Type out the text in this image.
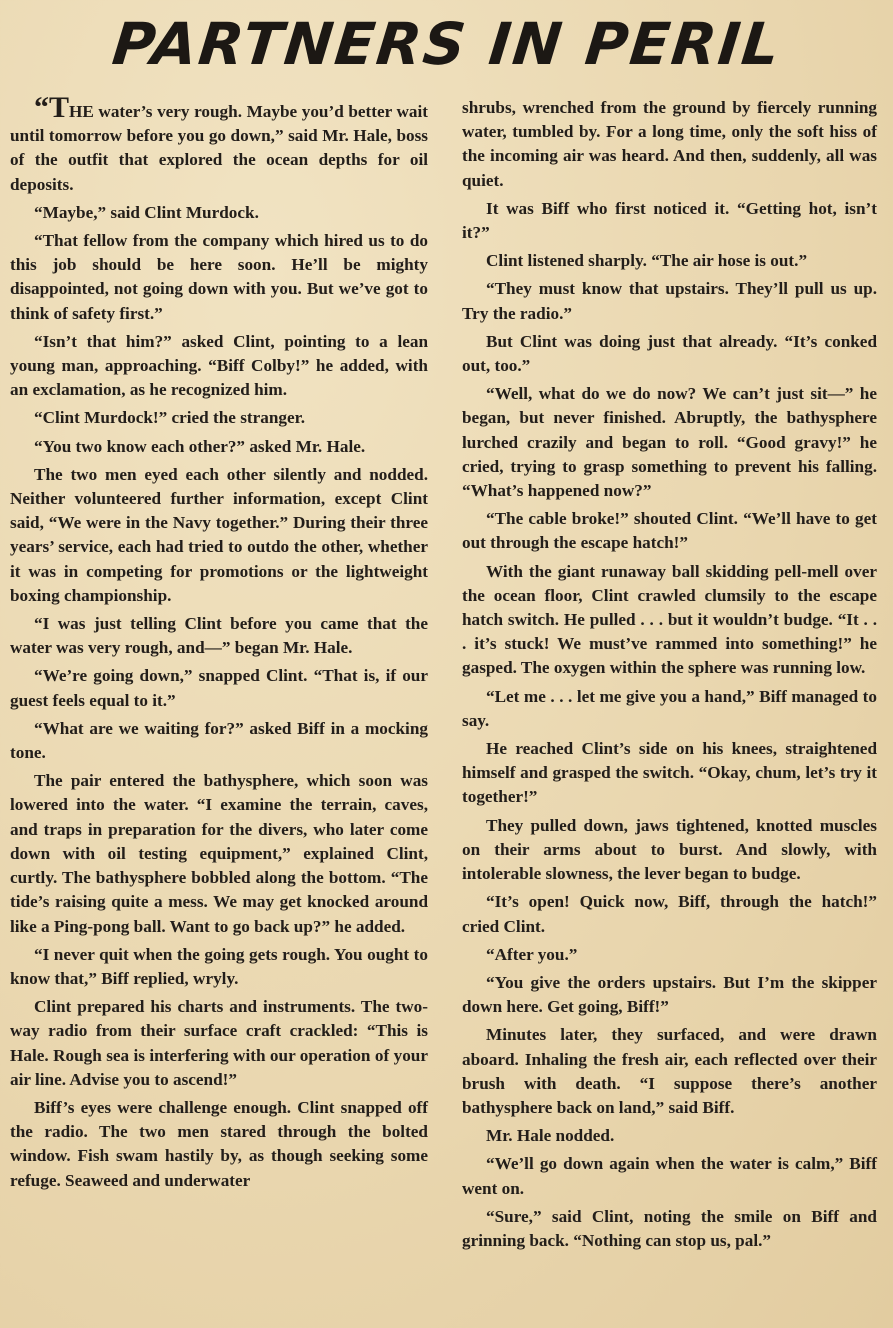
PARTNERS IN PERIL

“THE water’s very rough. Maybe you’d better wait until tomorrow before you go down,” said Mr. Hale, boss of the outfit that explored the ocean depths for oil deposits.

“Maybe,” said Clint Murdock.

“That fellow from the company which hired us to do this job should be here soon. He’ll be mighty disappointed, not going down with you. But we’ve got to think of safety first.”

“Isn’t that him?” asked Clint, pointing to a lean young man, approaching. “Biff Colby!” he added, with an exclamation, as he recognized him.

“Clint Murdock!” cried the stranger.

“You two know each other?” asked Mr. Hale.

The two men eyed each other silently and nodded. Neither volunteered further information, except Clint said, “We were in the Navy together.” During their three years’ service, each had tried to outdo the other, whether it was in competing for promotions or the lightweight boxing championship.

“I was just telling Clint before you came that the water was very rough, and—” began Mr. Hale.

“We’re going down,” snapped Clint. “That is, if our guest feels equal to it.”

“What are we waiting for?” asked Biff in a mocking tone.

The pair entered the bathysphere, which soon was lowered into the water. “I examine the terrain, caves, and traps in preparation for the divers, who later come down with oil testing equipment,” explained Clint, curtly. The bathysphere bobbled along the bottom. “The tide’s raising quite a mess. We may get knocked around like a Ping-pong ball. Want to go back up?” he added.

“I never quit when the going gets rough. You ought to know that,” Biff replied, wryly.

Clint prepared his charts and instruments. The two-way radio from their surface craft crackled: “This is Hale. Rough sea is interfering with our operation of your air line. Advise you to ascend!”

Biff’s eyes were challenge enough. Clint snapped off the radio. The two men stared through the bolted window. Fish swam hastily by, as though seeking some refuge. Seaweed and underwater

shrubs, wrenched from the ground by fiercely running water, tumbled by. For a long time, only the soft hiss of the incoming air was heard. And then, suddenly, all was quiet.

It was Biff who first noticed it. “Getting hot, isn’t it?”

Clint listened sharply. “The air hose is out.”

“They must know that upstairs. They’ll pull us up. Try the radio.”

But Clint was doing just that already. “It’s conked out, too.”

“Well, what do we do now? We can’t just sit—” he began, but never finished. Abruptly, the bathysphere lurched crazily and began to roll. “Good gravy!” he cried, trying to grasp something to prevent his falling. “What’s happened now?”

“The cable broke!” shouted Clint. “We’ll have to get out through the escape hatch!”

With the giant runaway ball skidding pell-mell over the ocean floor, Clint crawled clumsily to the escape hatch switch. He pulled . . . but it wouldn’t budge. “It . . . it’s stuck! We must’ve rammed into something!” he gasped. The oxygen within the sphere was running low.

“Let me . . . let me give you a hand,” Biff managed to say.

He reached Clint’s side on his knees, straightened himself and grasped the switch. “Okay, chum, let’s try it together!”

They pulled down, jaws tightened, knotted muscles on their arms about to burst. And slowly, with intolerable slowness, the lever began to budge.

“It’s open! Quick now, Biff, through the hatch!” cried Clint.

“After you.”

“You give the orders upstairs. But I’m the skipper down here. Get going, Biff!”

Minutes later, they surfaced, and were drawn aboard. Inhaling the fresh air, each reflected over their brush with death. “I suppose there’s another bathysphere back on land,” said Biff.

Mr. Hale nodded.

“We’ll go down again when the water is calm,” Biff went on.

“Sure,” said Clint, noting the smile on Biff and grinning back. “Nothing can stop us, pal.”
